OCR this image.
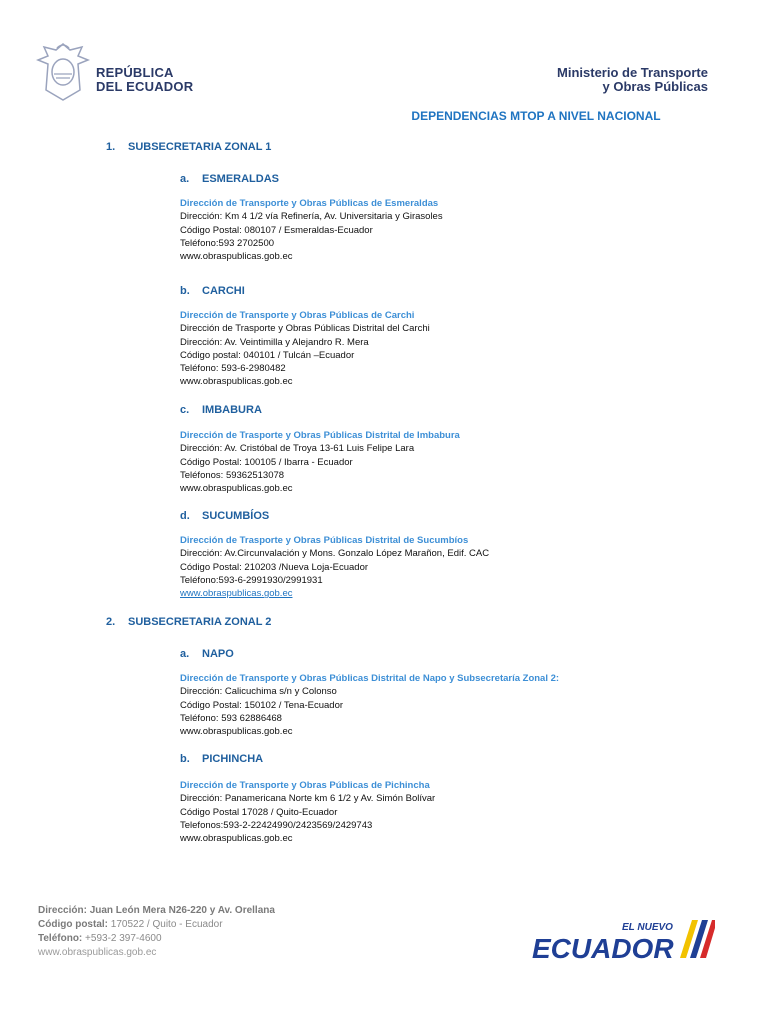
REPÚBLICA
DEL ECUADOR
Ministerio de Transporte
y Obras Públicas
DEPENDENCIAS MTOP A NIVEL NACIONAL
1. SUBSECRETARIA ZONAL 1
a. ESMERALDAS
Dirección de Transporte y Obras Públicas de Esmeraldas
Dirección: Km 4 1/2 vía Refinería, Av. Universitaria y Girasoles
Código Postal: 080107 / Esmeraldas-Ecuador
Teléfono:593 2702500
www.obraspublicas.gob.ec
b. CARCHI
Dirección de Transporte y Obras Públicas de Carchi
Dirección de Trasporte y Obras Públicas Distrital del Carchi
Dirección: Av. Veintimilla y Alejandro R. Mera
Código postal: 040101 / Tulcán –Ecuador
Teléfono: 593-6-2980482
www.obraspublicas.gob.ec
c. IMBABURA
Dirección de Trasporte y Obras Públicas Distrital de Imbabura
Dirección: Av. Cristóbal de Troya 13-61 Luis Felipe Lara
Código Postal: 100105 / Ibarra - Ecuador
Teléfonos: 59362513078
www.obraspublicas.gob.ec
d. SUCUMBÍOS
Dirección de Trasporte y Obras Públicas Distrital de Sucumbíos
Dirección: Av.Circunvalación y Mons. Gonzalo López Marañon, Edif. CAC
Código Postal: 210203 /Nueva Loja-Ecuador
Teléfono:593-6-2991930/2991931
www.obraspublicas.gob.ec
2. SUBSECRETARIA ZONAL 2
a. NAPO
Dirección de Transporte y Obras Públicas Distrital de Napo y Subsecretaría Zonal 2:
Dirección: Calicuchima s/n y Colonso
Código Postal: 150102 / Tena-Ecuador
Teléfono: 593 62886468
www.obraspublicas.gob.ec
b. PICHINCHA
Dirección de Transporte y Obras Públicas de Pichincha
Dirección: Panamericana Norte km 6 1/2 y Av. Simón Bolívar
Código Postal 17028 / Quito-Ecuador
Telefonos:593-2-22424990/2423569/2429743
www.obraspublicas.gob.ec
Dirección: Juan León Mera N26-220 y Av. Orellana
Código postal: 170522 / Quito - Ecuador
Teléfono: +593-2 397-4600
www.obraspublicas.gob.ec
EL NUEVO
ECUADOR
